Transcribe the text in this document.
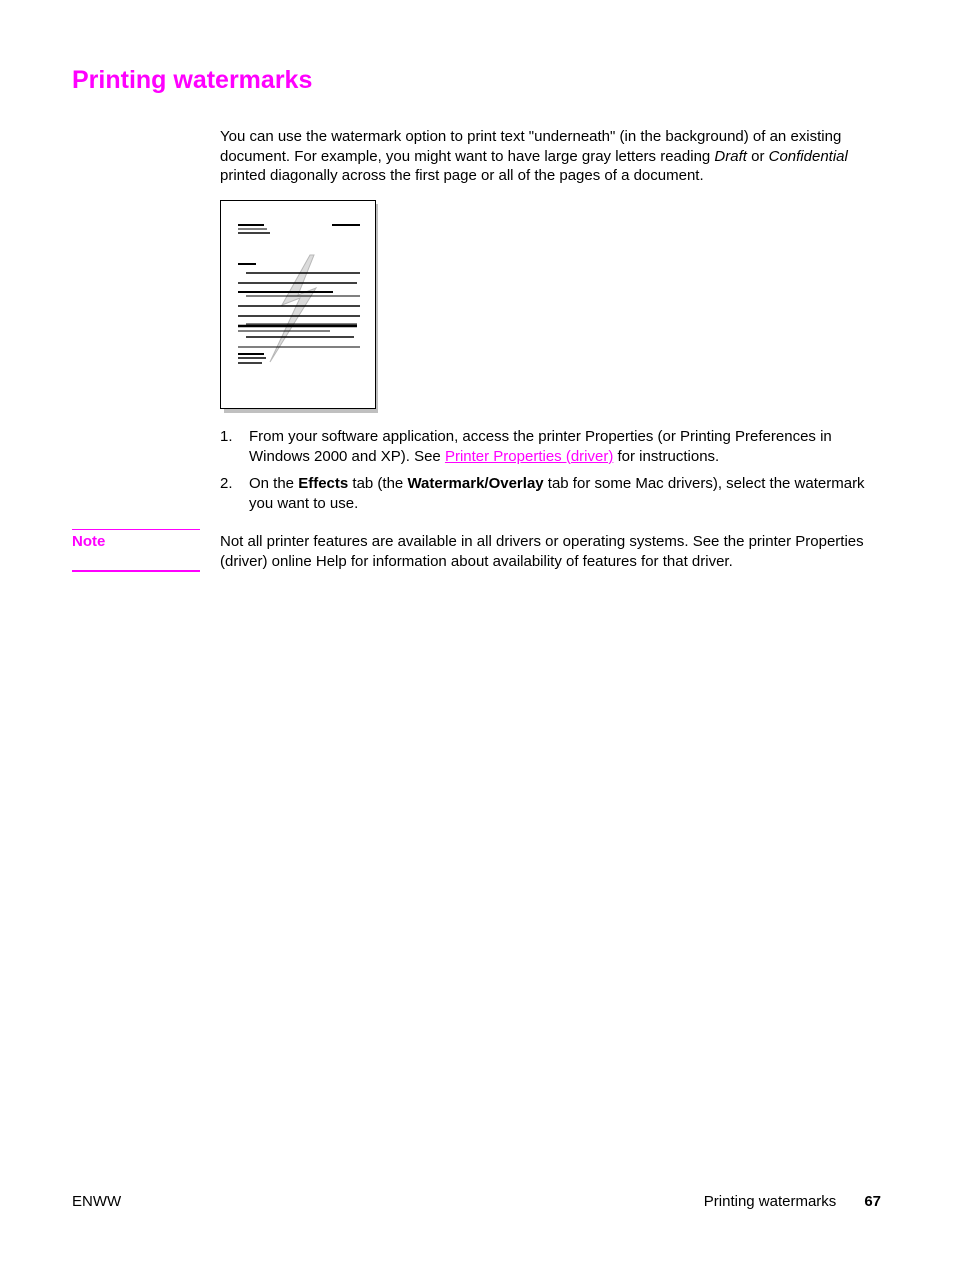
Printing watermarks

You can use the watermark option to print text "underneath" (in the background) of an existing document. For example, you might want to have large gray letters reading Draft or Confidential printed diagonally across the first page or all of the pages of a document.

1. From your software application, access the printer Properties (or Printing Preferences in Windows 2000 and XP). See Printer Properties (driver) for instructions.
2. On the Effects tab (the Watermark/Overlay tab for some Mac drivers), select the watermark you want to use.
Note	Not all printer features are available in all drivers or operating systems. See the printer Properties (driver) online Help for information about availability of features for that driver.

ENWW	Printing watermarks 67
